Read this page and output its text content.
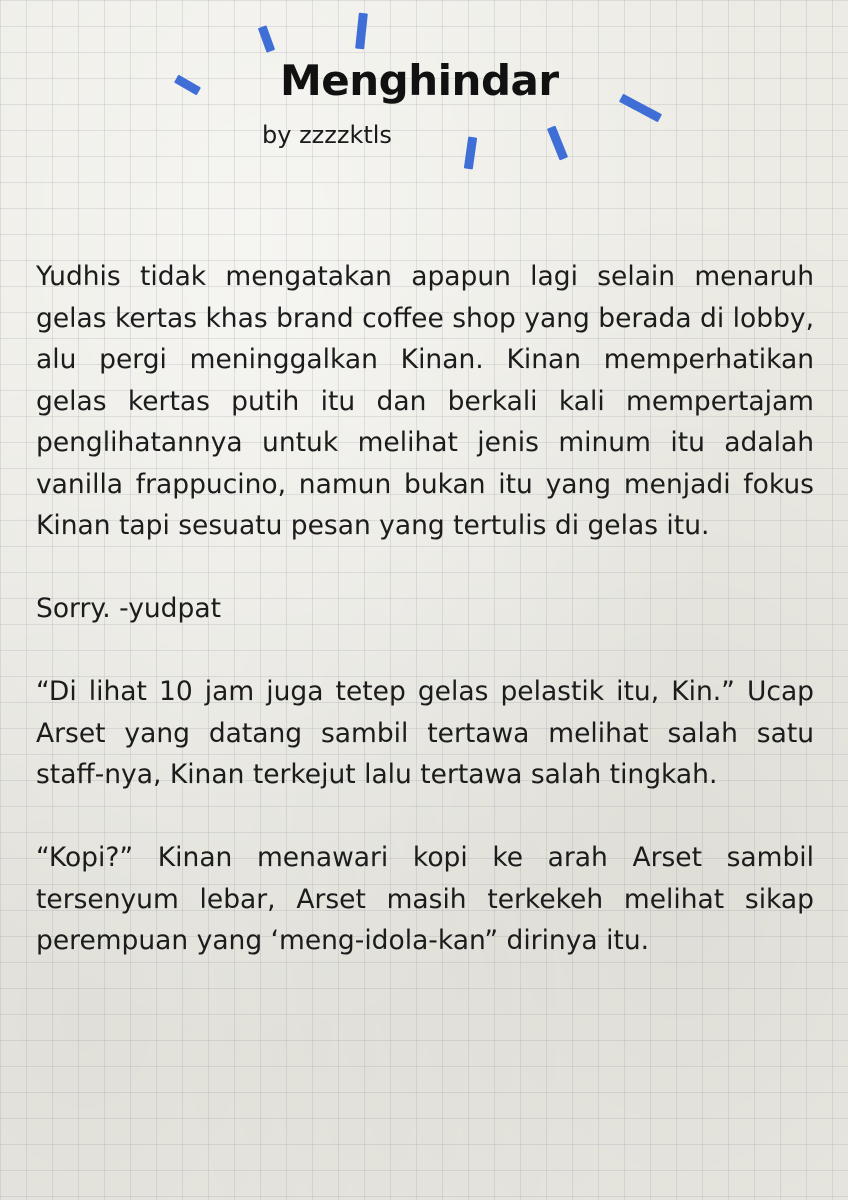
Menghindar
by zzzzktls

Yudhis tidak mengatakan apapun lagi selain menaruh gelas kertas khas brand coffee shop yang berada di lobby, alu pergi meninggalkan Kinan. Kinan memperhatikan gelas kertas putih itu dan berkali kali mempertajam penglihatannya untuk melihat jenis minum itu adalah vanilla frappucino, namun bukan itu yang menjadi fokus Kinan tapi sesuatu pesan yang tertulis di gelas itu.

Sorry. -yudpat

“Di lihat 10 jam juga tetep gelas pelastik itu, Kin.” Ucap Arset yang datang sambil tertawa melihat salah satu staff-nya, Kinan terkejut lalu tertawa salah tingkah.

“Kopi?” Kinan menawari kopi ke arah Arset sambil tersenyum lebar, Arset masih terkekeh melihat sikap perempuan yang ‘meng-idola-kan” dirinya itu.
